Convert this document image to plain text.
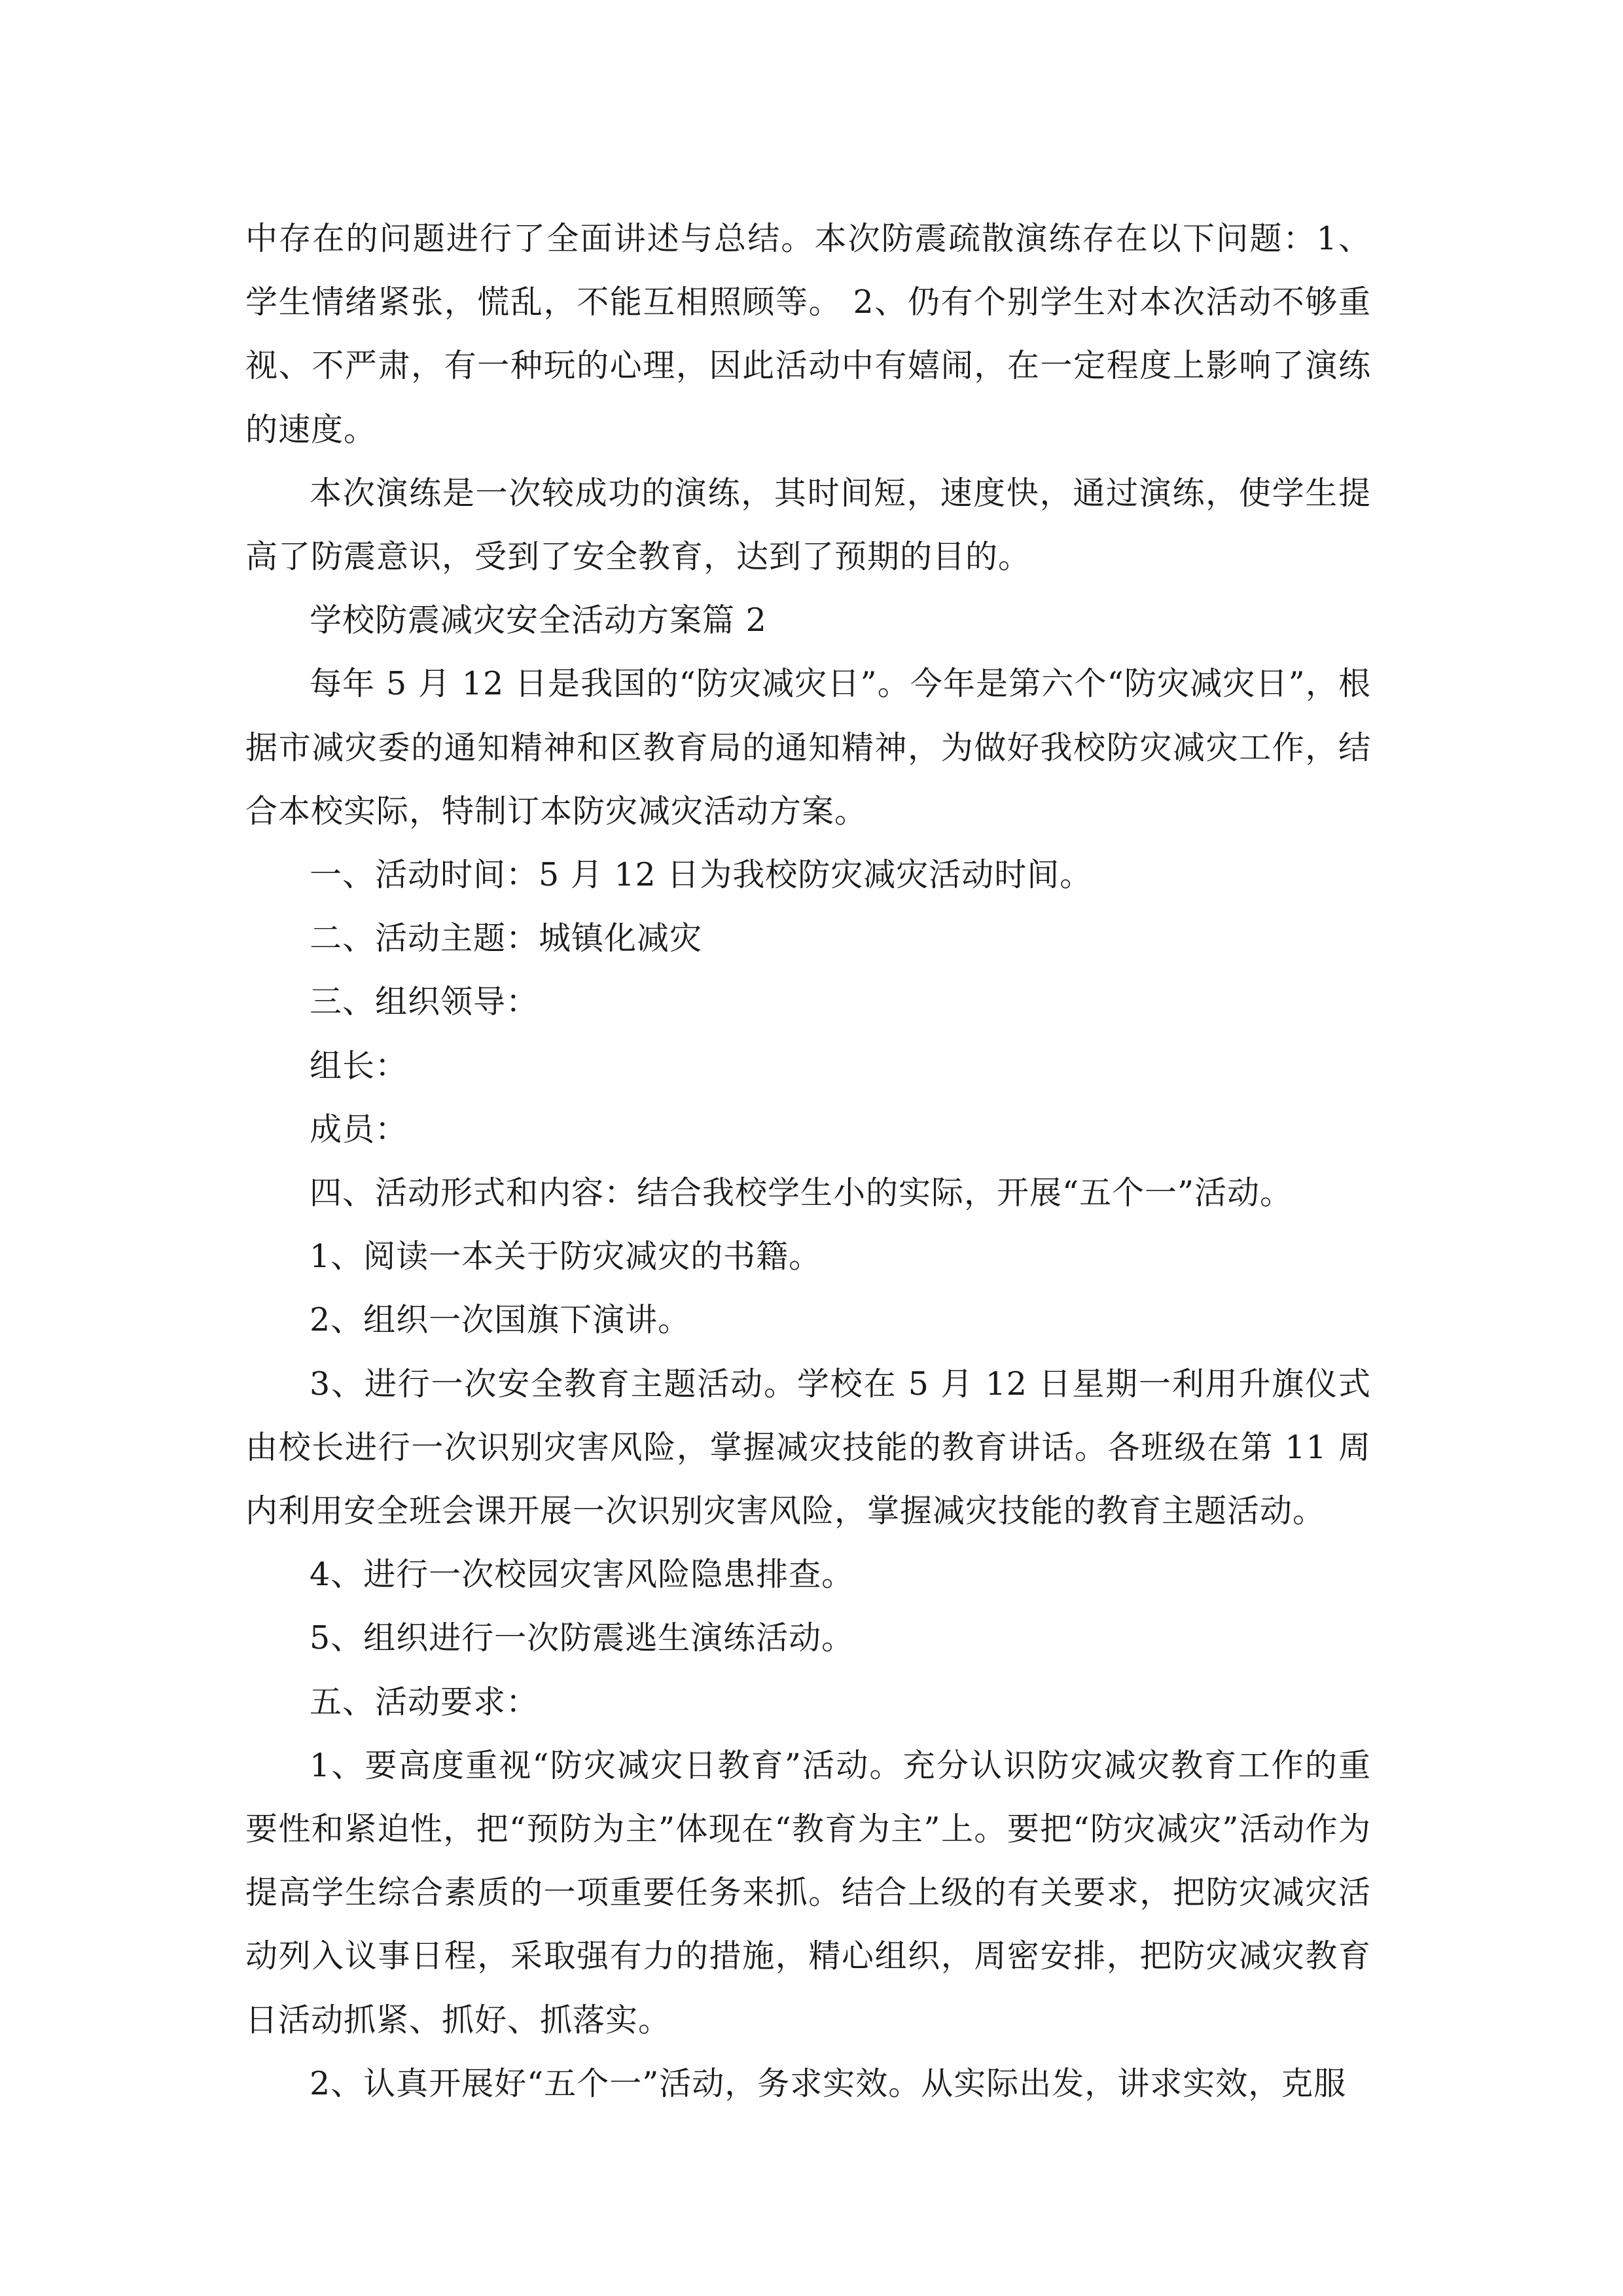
中存在的问题进行了全面讲述与总结。本次防震疏散演练存在以下问题：1、学生情绪紧张，慌乱，不能互相照顾等。 2、仍有个别学生对本次活动不够重视、不严肃，有一种玩的心理，因此活动中有嬉闹，在一定程度上影响了演练的速度。

本次演练是一次较成功的演练，其时间短，速度快，通过演练，使学生提高了防震意识，受到了安全教育，达到了预期的目的。

学校防震减灾安全活动方案篇 2

每年 5 月 12 日是我国的“防灾减灾日”。今年是第六个“防灾减灾日”，根据市减灾委的通知精神和区教育局的通知精神，为做好我校防灾减灾工作，结合本校实际，特制订本防灾减灾活动方案。

一、活动时间：5 月 12 日为我校防灾减灾活动时间。

二、活动主题：城镇化减灾

三、组织领导：

组长：

成员：

四、活动形式和内容：结合我校学生小的实际，开展“五个一”活动。

1、阅读一本关于防灾减灾的书籍。

2、组织一次国旗下演讲。

3、进行一次安全教育主题活动。学校在 5 月 12 日星期一利用升旗仪式由校长进行一次识别灾害风险，掌握减灾技能的教育讲话。各班级在第 11 周内利用安全班会课开展一次识别灾害风险，掌握减灾技能的教育主题活动。

4、进行一次校园灾害风险隐患排查。

5、组织进行一次防震逃生演练活动。

五、活动要求：

1、要高度重视“防灾减灾日教育”活动。充分认识防灾减灾教育工作的重要性和紧迫性，把“预防为主”体现在“教育为主”上。要把“防灾减灾”活动作为提高学生综合素质的一项重要任务来抓。结合上级的有关要求，把防灾减灾活动列入议事日程，采取强有力的措施，精心组织，周密安排，把防灾减灾教育日活动抓紧、抓好、抓落实。

2、认真开展好“五个一”活动，务求实效。从实际出发，讲求实效，克服
